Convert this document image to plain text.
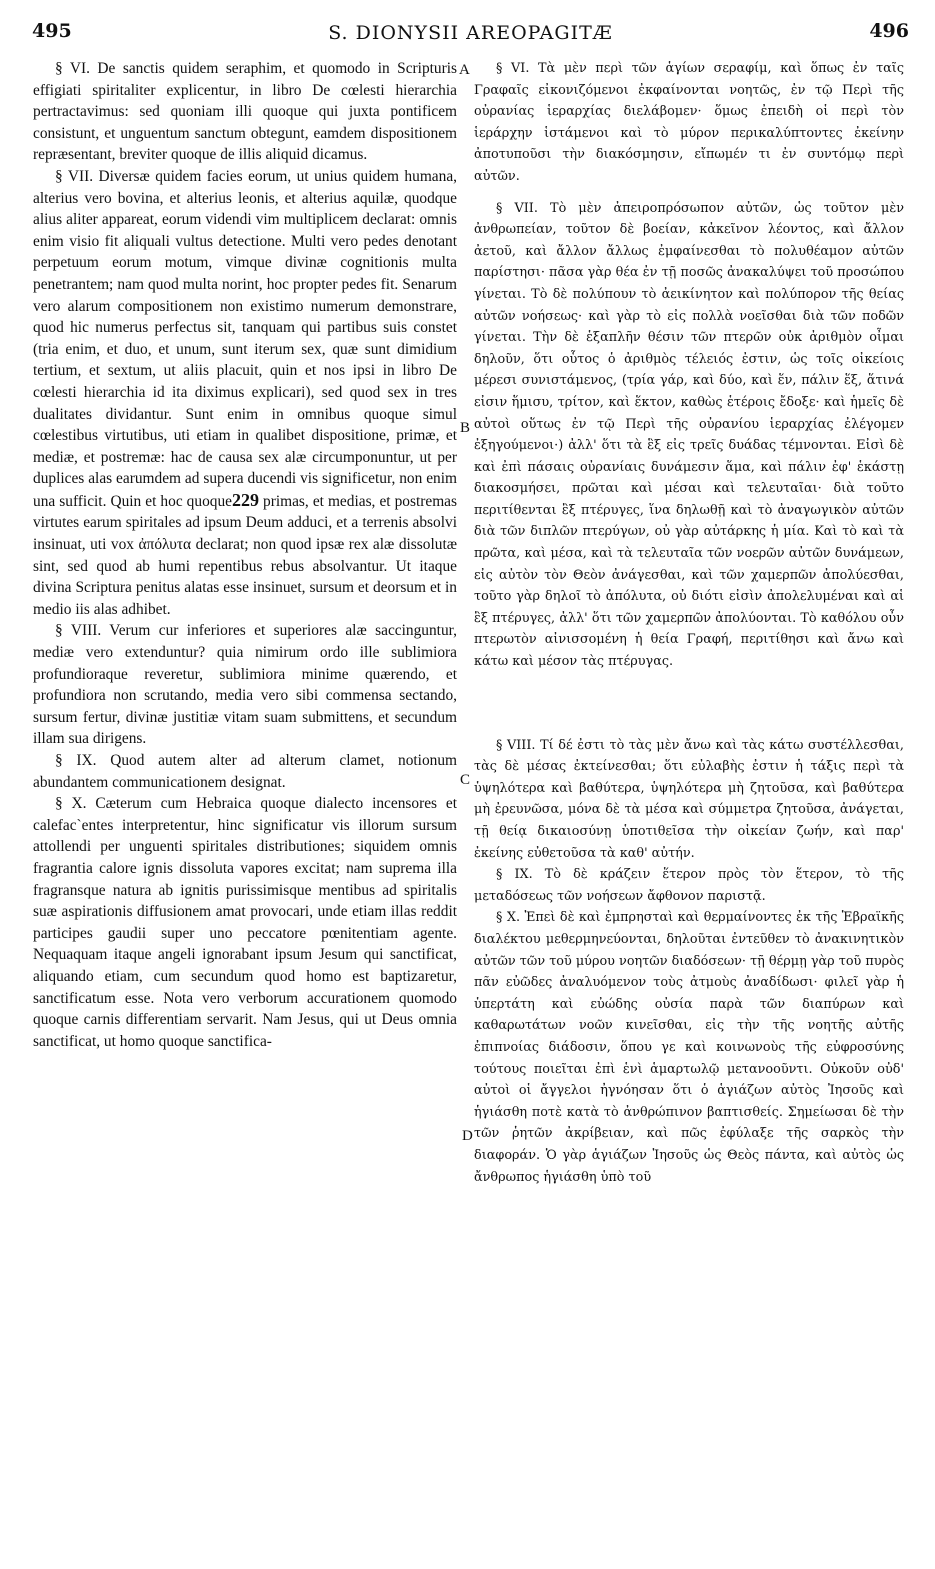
495	S. DIONYSII AREOPAGITÆ	496
A
B
C
D

§ VI. De sanctis quidem seraphim, et quomodo in Scripturis effigiati spiritaliter explicentur, in libro De cœlesti hierarchia pertractavimus: sed quoniam illi quoque qui juxta pontificem consistunt, et unguentum sanctum obtegunt, eamdem dispositionem repræsentant, breviter quoque de illis aliquid dicamus.

§ VII. Diversæ quidem facies eorum, ut unius quidem humana, alterius vero bovina, et alterius leonis, et alterius aquilæ, quodque alius aliter appareat, eorum videndi vim multiplicem declarat: omnis enim visio fit aliquali vultus detectione. Multi vero pedes denotant perpetuum eorum motum, vimque divinæ cognitionis multa penetrantem; nam quod multa norint, hoc propter pedes fit. Senarum vero alarum compositionem non existimo numerum demonstrare, quod hic numerus perfectus sit, tanquam qui partibus suis constet (tria enim, et duo, et unum, sunt iterum sex, quæ sunt dimidium tertium, et sextum, ut aliis placuit, quin et nos ipsi in libro De cœlesti hierarchia id ita diximus explicari), sed quod sex in tres dualitates dividantur. Sunt enim in omnibus quoque simul cœlestibus virtutibus, uti etiam in qualibet dispositione, primæ, et mediæ, et postremæ: hac de causa sex alæ circumponuntur, ut per duplices alas earumdem ad supera ducendi vis significetur, non enim una sufficit. Quin et hoc quoque229 primas, et medias, et postremas virtutes earum spiritales ad ipsum Deum adduci, et a terrenis absolvi insinuat, uti vox ἀπόλυτα declarat; non quod ipsæ rex alæ dissolutæ sint, sed quod ab humi repentibus rebus absolvantur. Ut itaque divina Scriptura penitus alatas esse insinuet, sursum et deorsum et in medio iis alas adhibet.

§ VIII. Verum cur inferiores et superiores alæ saccinguntur, mediæ vero extenduntur? quia nimirum ordo ille sublimiora profundioraque reveretur, sublimiora minime quærendo, et profundiora non scrutando, media vero sibi commensa sectando, sursum fertur, divinæ justitiæ vitam suam submittens, et secundum illam sua dirigens.

§ IX. Quod autem alter ad alterum clamet, notionum abundantem communicationem designat.

§ X. Cæterum cum Hebraica quoque dialecto incensores et calefac`entes interpretentur, hinc significatur vis illorum sursum attollendi per unguenti spiritales distributiones; siquidem omnis fragrantia calore ignis dissoluta vapores excitat; nam suprema illa fragransque natura ab ignitis purissimisque mentibus ad spiritalis suæ aspirationis diffusionem amat provocari, unde etiam illas reddit participes gaudii super uno peccatore pœnitentiam agente. Nequaquam itaque angeli ignorabant ipsum Jesum qui sanctificat, aliquando etiam, cum secundum quod homo est baptizaretur, sanctificatum esse. Nota vero verborum accurationem quomodo quoque carnis differentiam servarit. Nam Jesus, qui ut Deus omnia sanctificat, ut homo quoque sanctifica-

§ VI. Τὰ μὲν περὶ τῶν ἁγίων σεραφίμ, καὶ ὅπως ἐν ταῖς Γραφαῖς εἰκονιζόμενοι ἐκφαίνονται νοητῶς, ἐν τῷ Περὶ τῆς οὐρανίας ἱεραρχίας διελάβομεν· ὅμως ἐπειδὴ οἱ περὶ τὸν ἱεράρχην ἱστάμενοι καὶ τὸ μύρον περικαλύπτοντες ἐκείνην ἀποτυποῦσι τὴν διακόσμησιν, εἴπωμέν τι ἐν συντόμῳ περὶ αὐτῶν.

§ VII. Τὸ μὲν ἀπειροπρόσωπον αὐτῶν, ὡς τοῦτον μὲν ἀνθρωπείαν, τοῦτον δὲ βοείαν, κἀκεῖνον λέοντος, καὶ ἄλλον ἀετοῦ, καὶ ἄλλον ἄλλως ἐμφαίνεσθαι τὸ πολυθέαμον αὐτῶν παρίστησι· πᾶσα γὰρ θέα ἐν τῇ ποσῶς ἀνακαλύψει τοῦ προσώπου γίνεται. Τὸ δὲ πολύπουν τὸ ἀεικίνητον καὶ πολύπορον τῆς θείας αὐτῶν νοήσεως· καὶ γὰρ τὸ εἰς πολλὰ νοεῖσθαι διὰ τῶν ποδῶν γίνεται. Τὴν δὲ ἑξαπλῆν θέσιν τῶν πτερῶν οὐκ ἀριθμὸν οἶμαι δηλοῦν, ὅτι οὗτος ὁ ἀριθμὸς τέλειός ἐστιν, ὡς τοῖς οἰκείοις μέρεσι συνιστάμενος, (τρία γάρ, καὶ δύο, καὶ ἕν, πάλιν ἕξ, ἅτινά εἰσιν ἥμισυ, τρίτον, καὶ ἕκτον, καθὼς ἑτέροις ἔδοξε· καὶ ἡμεῖς δὲ αὐτοὶ οὕτως ἐν τῷ Περὶ τῆς οὐρανίου ἱεραρχίας ἐλέγομεν ἐξηγούμενοι·) ἀλλ' ὅτι τὰ ἓξ εἰς τρεῖς δυάδας τέμνονται. Εἰσὶ δὲ καὶ ἐπὶ πάσαις οὐρανίαις δυνάμεσιν ἅμα, καὶ πάλιν ἐφ' ἑκάστῃ διακοσμήσει, πρῶται καὶ μέσαι καὶ τελευταῖαι· διὰ τοῦτο περιτίθενται ἓξ πτέρυγες, ἵνα δηλωθῇ καὶ τὸ ἀναγωγικὸν αὐτῶν διὰ τῶν διπλῶν πτερύγων, οὐ γὰρ αὐτάρκης ἡ μία. Καὶ τὸ καὶ τὰ πρῶτα, καὶ μέσα, καὶ τὰ τελευταῖα τῶν νοερῶν αὐτῶν δυνάμεων, εἰς αὐτὸν τὸν Θεὸν ἀνάγεσθαι, καὶ τῶν χαμερπῶν ἀπολύεσθαι, τοῦτο γὰρ δηλοῖ τὸ ἀπόλυτα, οὐ διότι εἰσὶν ἀπολελυμέναι καὶ αἱ ἓξ πτέρυγες, ἀλλ' ὅτι τῶν χαμερπῶν ἀπολύονται. Τὸ καθόλου οὖν πτερωτὸν αἰνισσομένη ἡ θεία Γραφή, περιτίθησι καὶ ἄνω καὶ κάτω καὶ μέσον τὰς πτέρυγας.

§ VIII. Τί δέ ἐστι τὸ τὰς μὲν ἄνω καὶ τὰς κάτω συστέλλεσθαι, τὰς δὲ μέσας ἐκτείνεσθαι; ὅτι εὐλαβὴς ἐστιν ἡ τάξις περὶ τὰ ὑψηλότερα καὶ βαθύτερα, ὑψηλότερα μὴ ζητοῦσα, καὶ βαθύτερα μὴ ἐρευνῶσα, μόνα δὲ τὰ μέσα καὶ σύμμετρα ζητοῦσα, ἀνάγεται, τῇ θείᾳ δικαιοσύνῃ ὑποτιθεῖσα τὴν οἰκείαν ζωήν, καὶ παρ' ἐκείνης εὐθετοῦσα τὰ καθ' αὐτήν.

§ IX. Τὸ δὲ κράζειν ἕτερον πρὸς τὸν ἕτερον, τὸ τῆς μεταδόσεως τῶν νοήσεων ἄφθονον παριστᾷ.

§ X. Ἐπεὶ δὲ καὶ ἐμπρησταὶ καὶ θερμαίνοντες ἐκ τῆς Ἑβραϊκῆς διαλέκτου μεθερμηνεύονται, δηλοῦται ἐντεῦθεν τὸ ἀνακινητικὸν αὐτῶν τῶν τοῦ μύρου νοητῶν διαδόσεων· τῇ θέρμῃ γὰρ τοῦ πυρὸς πᾶν εὐῶδες ἀναλυόμενον τοὺς ἀτμοὺς ἀναδίδωσι· φιλεῖ γὰρ ἡ ὑπερτάτη καὶ εὐώδης οὐσία παρὰ τῶν διαπύρων καὶ καθαρωτάτων νοῶν κινεῖσθαι, εἰς τὴν τῆς νοητῆς αὐτῆς ἐπιπνοίας διάδοσιν, ὅπου γε καὶ κοινωνοὺς τῆς εὐφροσύνης τούτους ποιεῖται ἐπὶ ἑνὶ ἁμαρτωλῷ μετανοοῦντι. Οὐκοῦν οὐδ' αὐτοὶ οἱ ἄγγελοι ἠγνόησαν ὅτι ὁ ἁγιάζων αὐτὸς Ἰησοῦς καὶ ἡγιάσθη ποτὲ κατὰ τὸ ἀνθρώπινον βαπτισθείς. Σημείωσαι δὲ τὴν τῶν ῥητῶν ἀκρίβειαν, καὶ πῶς ἐφύλαξε τῆς σαρκὸς τὴν διαφοράν. Ὁ γὰρ ἁγιάζων Ἰησοῦς ὡς Θεὸς πάντα, καὶ αὐτὸς ὡς ἄνθρωπος ἡγιάσθη ὑπὸ τοῦ
